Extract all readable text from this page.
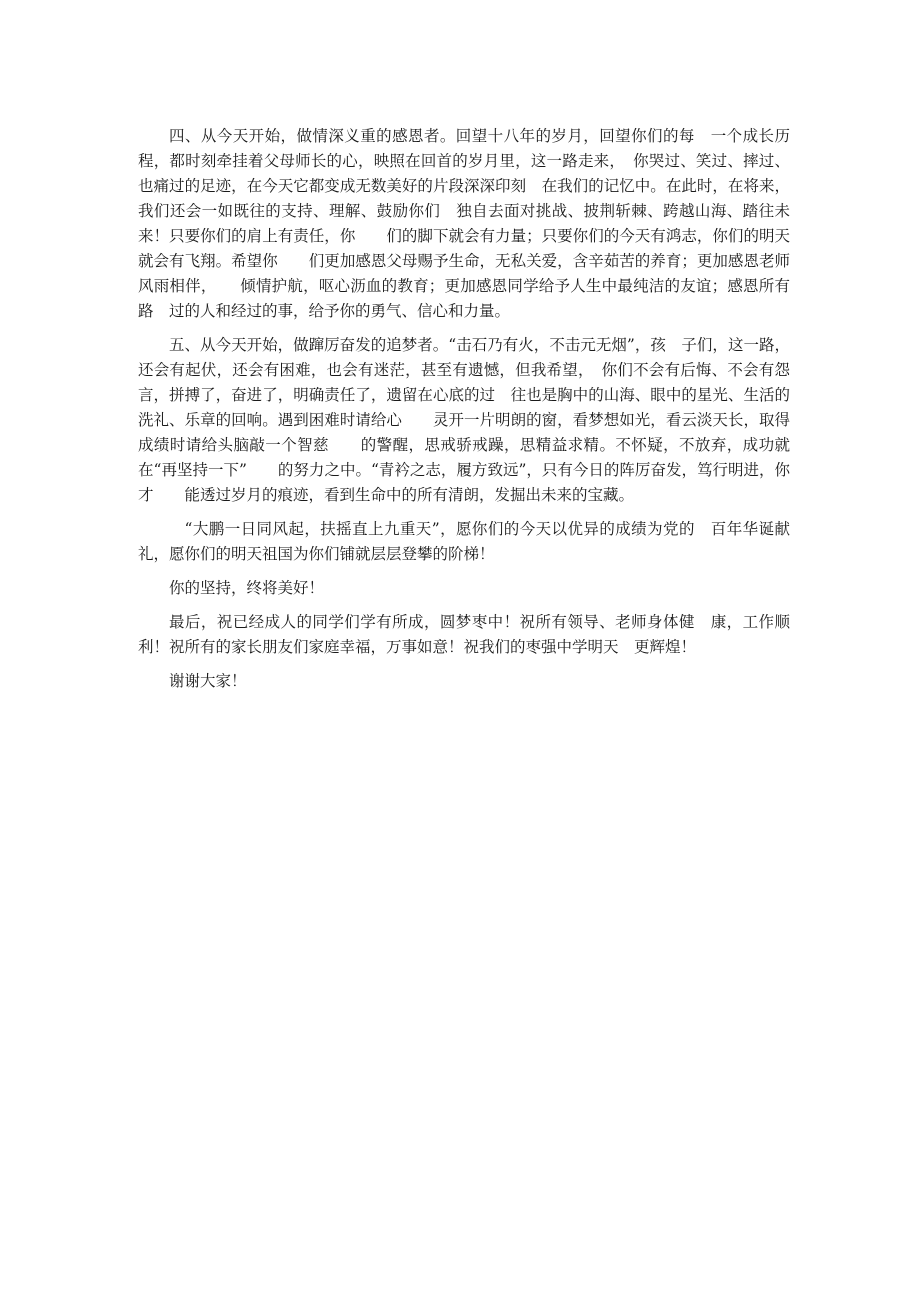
四、从今天开始，做情深义重的感恩者。回望十八年的岁月，回望你们的每　一个成长历程，都时刻牵挂着父母师长的心，映照在回首的岁月里，这一路走来，　你哭过、笑过、摔过、也痛过的足迹，在今天它都变成无数美好的片段深深印刻　在我们的记忆中。在此时，在将来，我们还会一如既往的支持、理解、鼓励你们　独自去面对挑战、披荆斩棘、跨越山海、踏往未来！只要你们的肩上有责任，你　　们的脚下就会有力量；只要你们的今天有鸿志，你们的明天就会有飞翔。希望你　　们更加感恩父母赐予生命，无私关爱，含辛茹苦的养育；更加感恩老师风雨相伴，　　倾情护航，呕心沥血的教育；更加感恩同学给予人生中最纯洁的友谊；感恩所有路　过的人和经过的事，给予你的勇气、信心和力量。

五、从今天开始，做蹿厉奋发的追梦者。“击石乃有火，不击元无烟”，孩　子们，这一路，还会有起伏，还会有困难，也会有迷茫，甚至有遗憾，但我希望，　你们不会有后悔、不会有怨言，拼搏了，奋进了，明确责任了，遗留在心底的过　往也是胸中的山海、眼中的星光、生活的洗礼、乐章的回响。遇到困难时请给心　　灵开一片明朗的窗，看梦想如光，看云淡天长，取得成绩时请给头脑敲一个智慈　　的警醒，思戒骄戒躁，思精益求精。不怀疑，不放弃，成功就在“再坚持一下”　　的努力之中。“青衿之志，履方致远”，只有今日的阵厉奋发，笃行明进，你才　　能透过岁月的痕迹，看到生命中的所有清朗，发掘出未来的宝藏。

“大鹏一日同风起，扶摇直上九重天”，愿你们的今天以优异的成绩为党的　百年华诞献礼，愿你们的明天祖国为你们铺就层层登攀的阶梯！

你的坚持，终将美好！

最后，祝已经成人的同学们学有所成，圆梦枣中！祝所有领导、老师身体健　康，工作顺利！祝所有的家长朋友们家庭幸福，万事如意！祝我们的枣强中学明天　更辉煌！

谢谢大家！
